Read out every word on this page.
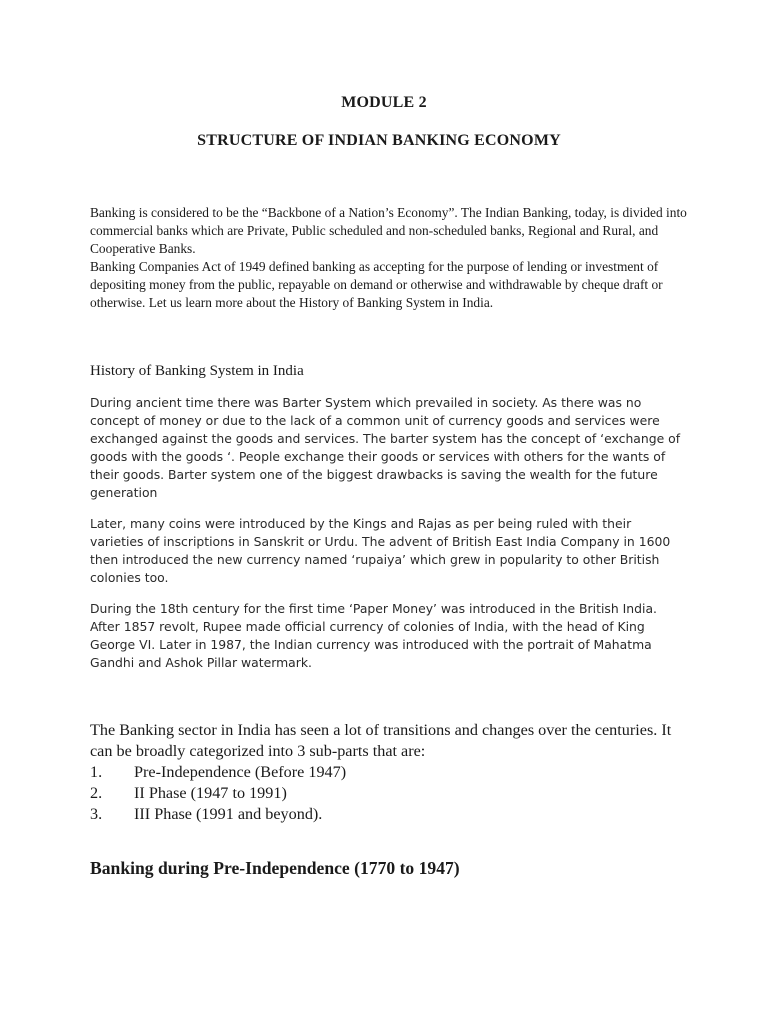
MODULE 2
STRUCTURE OF INDIAN BANKING ECONOMY

Banking is considered to be the “Backbone of a Nation’s Economy”. The Indian Banking, today, is divided into commercial banks which are Private, Public scheduled and non-scheduled banks, Regional and Rural, and Cooperative Banks.

Banking Companies Act of 1949 defined banking as accepting for the purpose of lending or investment of depositing money from the public, repayable on demand or otherwise and withdrawable by cheque draft or otherwise. Let us learn more about the History of Banking System in India.

History of Banking System in India

During ancient time there was Barter System which prevailed in society. As there was no concept of money or due to the lack of a common unit of currency goods and services were exchanged against the goods and services. The barter system has the concept of ‘exchange of goods with the goods ‘. People exchange their goods or services with others for the wants of their goods. Barter system one of the biggest drawbacks is saving the wealth for the future generation

Later, many coins were introduced by the Kings and Rajas as per being ruled with their varieties of inscriptions in Sanskrit or Urdu. The advent of British East India Company in 1600 then introduced the new currency named ‘rupaiya’ which grew in popularity to other British colonies too.

During the 18th century for the first time ‘Paper Money’ was introduced in the British India. After 1857 revolt, Rupee made official currency of colonies of India, with the head of King George VI. Later in 1987, the Indian currency was introduced with the portrait of Mahatma Gandhi and Ashok Pillar watermark.

The Banking sector in India has seen a lot of transitions and changes over the centuries. It can be broadly categorized into 3 sub-parts that are:

1.	Pre-Independence (Before 1947)
2.	II Phase (1947 to 1991)
3.	III Phase (1991 and beyond).
Banking during Pre-Independence (1770 to 1947)
